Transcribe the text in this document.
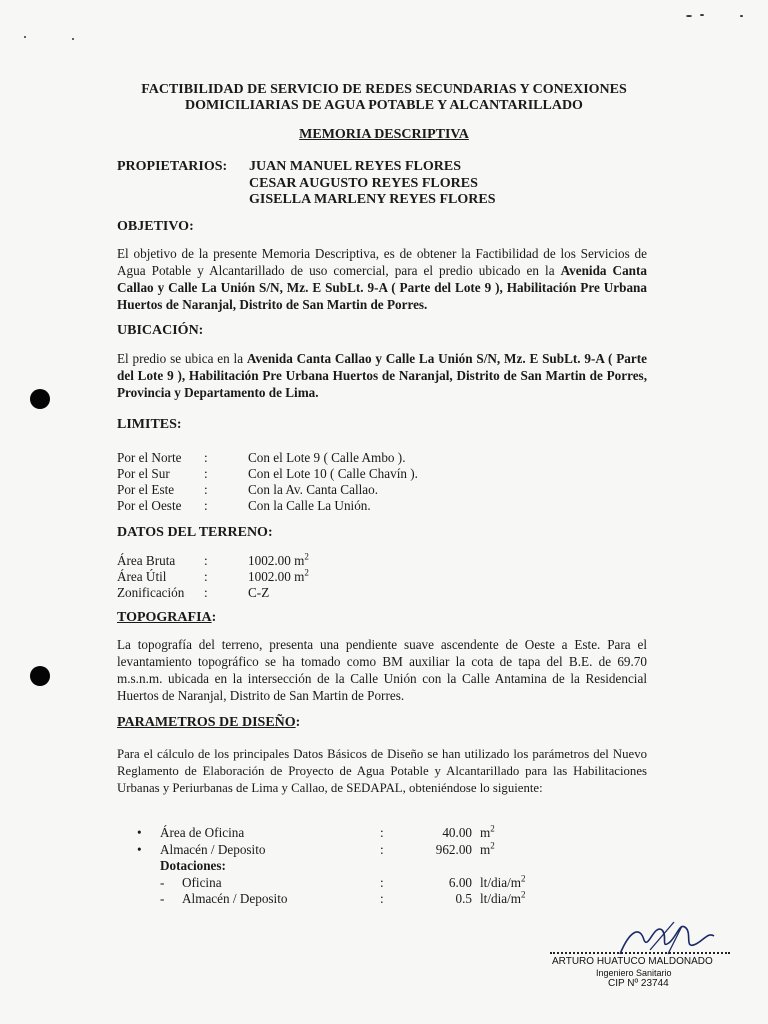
FACTIBILIDAD DE SERVICIO DE REDES SECUNDARIAS Y CONEXIONES
DOMICILIARIAS DE AGUA POTABLE Y ALCANTARILLADO
MEMORIA DESCRIPTIVA
PROPIETARIOS: JUAN MANUEL REYES FLORES
CESAR AUGUSTO REYES FLORES
GISELLA MARLENY REYES FLORES
OBJETIVO:
El objetivo de la presente Memoria Descriptiva, es de obtener la Factibilidad de los Servicios de Agua Potable y Alcantarillado de uso comercial, para el predio ubicado en la Avenida Canta Callao y Calle La Unión S/N, Mz. E SubLt. 9-A ( Parte del Lote 9 ), Habilitación Pre Urbana Huertos de Naranjal, Distrito de San Martin de Porres.
UBICACIÓN:
El predio se ubica en la Avenida Canta Callao y Calle La Unión S/N, Mz. E SubLt. 9-A ( Parte del Lote 9 ), Habilitación Pre Urbana Huertos de Naranjal, Distrito de San Martin de Porres, Provincia y Departamento de Lima.
LIMITES:
Por el Norte :	Con el Lote 9 ( Calle Ambo ).
Por el Sur	:	Con el Lote 10 ( Calle Chavín ).
Por el Este :	Con la Av. Canta Callao.
Por el Oeste :	Con la Calle La Unión.
DATOS DEL TERRENO:
Área Bruta :	1002.00 $m^2$
Área Útil	:	1002.00 $m^2$
Zonificación :	C-Z
TOPOGRAFIA:
La topografía del terreno, presenta una pendiente suave ascendente de Oeste a Este. Para el levantamiento topográfico se ha tomado como BM auxiliar la cota de tapa del B.E. de 69.70 m.s.n.m. ubicada en la intersección de la Calle Unión con la Calle Antamina de la Residencial Huertos de Naranjal, Distrito de San Martin de Porres.
PARAMETROS DE DISEÑO:
Para el cálculo de los principales Datos Básicos de Diseño se han utilizado los parámetros del Nuevo Reglamento de Elaboración de Proyecto de Agua Potable y Alcantarillado para las Habilitaciones Urbanas y Periurbanas de Lima y Callao, de SEDAPAL, obteniéndose lo siguiente:
• Área de Oficina	:	40.00 $m^2$
• Almacén / Deposito	:	962.00 $m^2$
Dotaciones:
- Oficina	:	6.00 $lt/dia/m^2$
- Almacén / Deposito	:	0.5 $lt/dia/m^2$
ARTURO HUATUCO MALDONADO
Ingeniero Sanitario
CIP Nº 23744
